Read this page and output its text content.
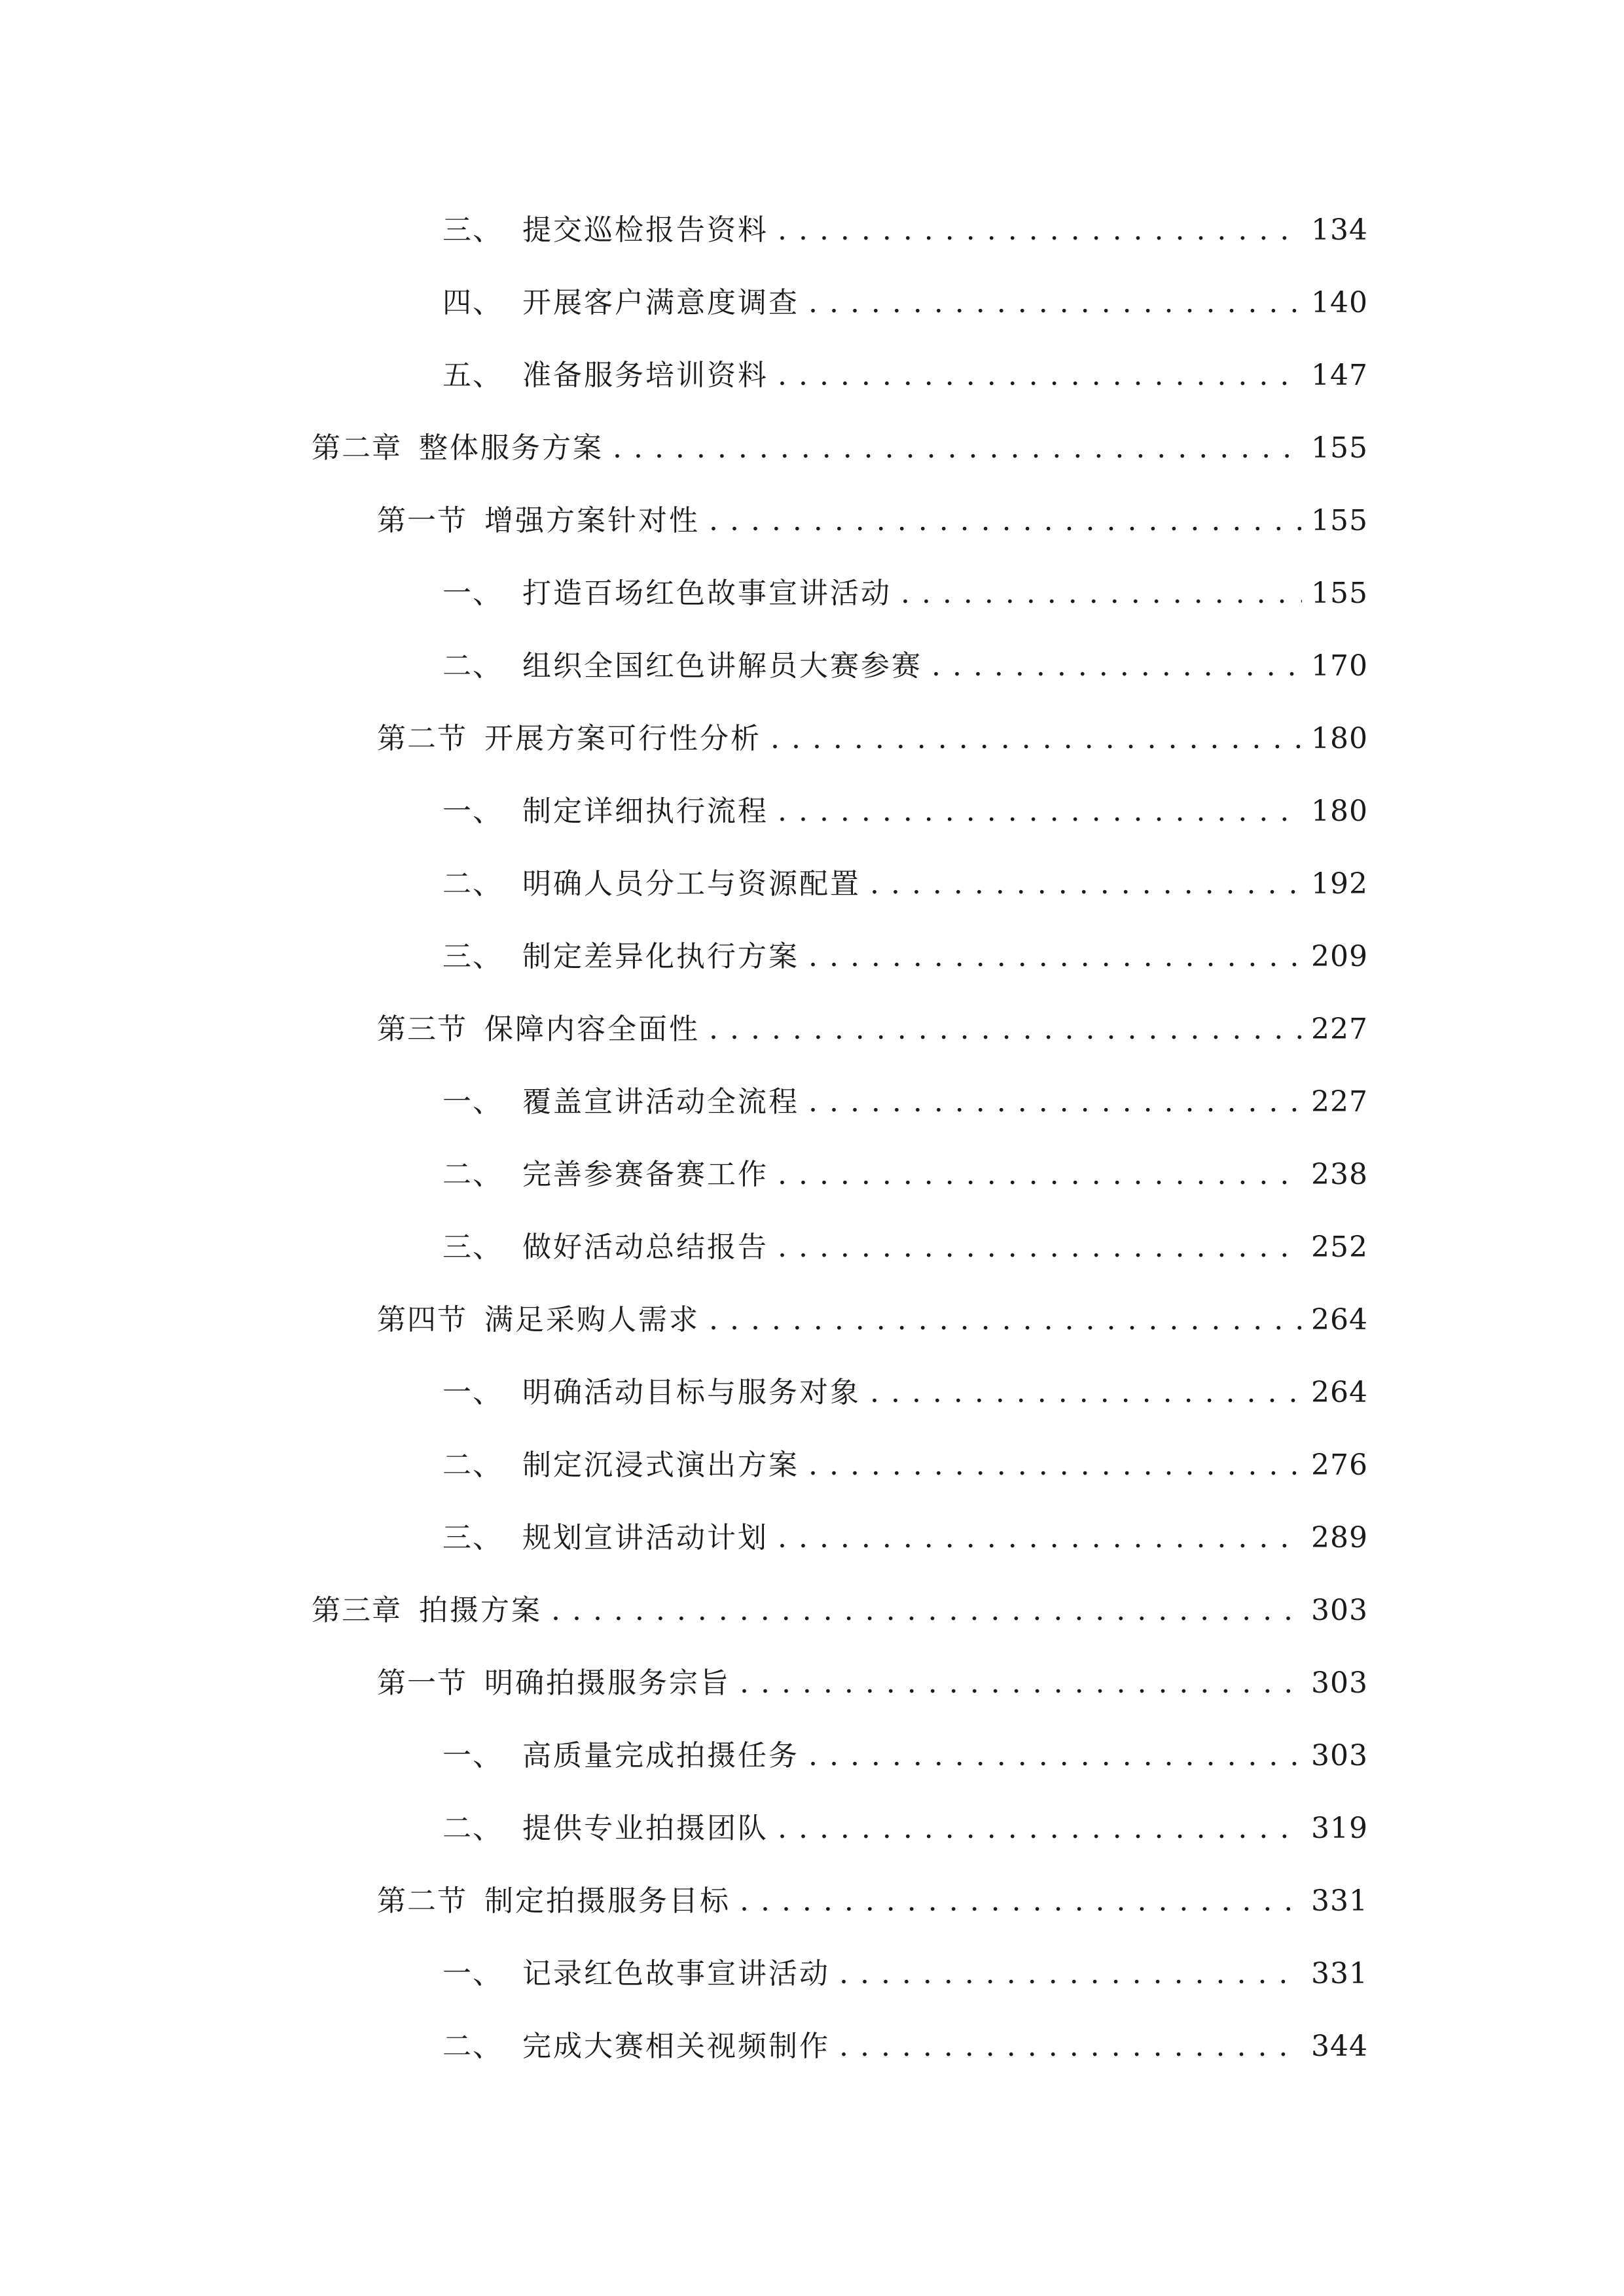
三、 提交巡检报告资料 . . .	134
四、 开展客户满意度调查 . . .	140
五、 准备服务培训资料 . . .	147
第二章 整体服务方案 . . .	155
第一节 增强方案针对性 . . .	155
一、 打造百场红色故事宣讲活动 . . .	155
二、 组织全国红色讲解员大赛参赛 . . .	170
第二节 开展方案可行性分析 . . .	180
一、 制定详细执行流程 . . .	180
二、 明确人员分工与资源配置 . . .	192
三、 制定差异化执行方案 . . .	209
第三节 保障内容全面性 . . .	227
一、 覆盖宣讲活动全流程 . . .	227
二、 完善参赛备赛工作 . . .	238
三、 做好活动总结报告 . . .	252
第四节 满足采购人需求 . . .	264
一、 明确活动目标与服务对象 . . .	264
二、 制定沉浸式演出方案 . . .	276
三、 规划宣讲活动计划 . . .	289
第三章 拍摄方案 . . .	303
第一节 明确拍摄服务宗旨 . . .	303
一、 高质量完成拍摄任务 . . .	303
二、 提供专业拍摄团队 . . .	319
第二节 制定拍摄服务目标 . . .	331
一、 记录红色故事宣讲活动 . . .	331
二、 完成大赛相关视频制作 . . .	344
